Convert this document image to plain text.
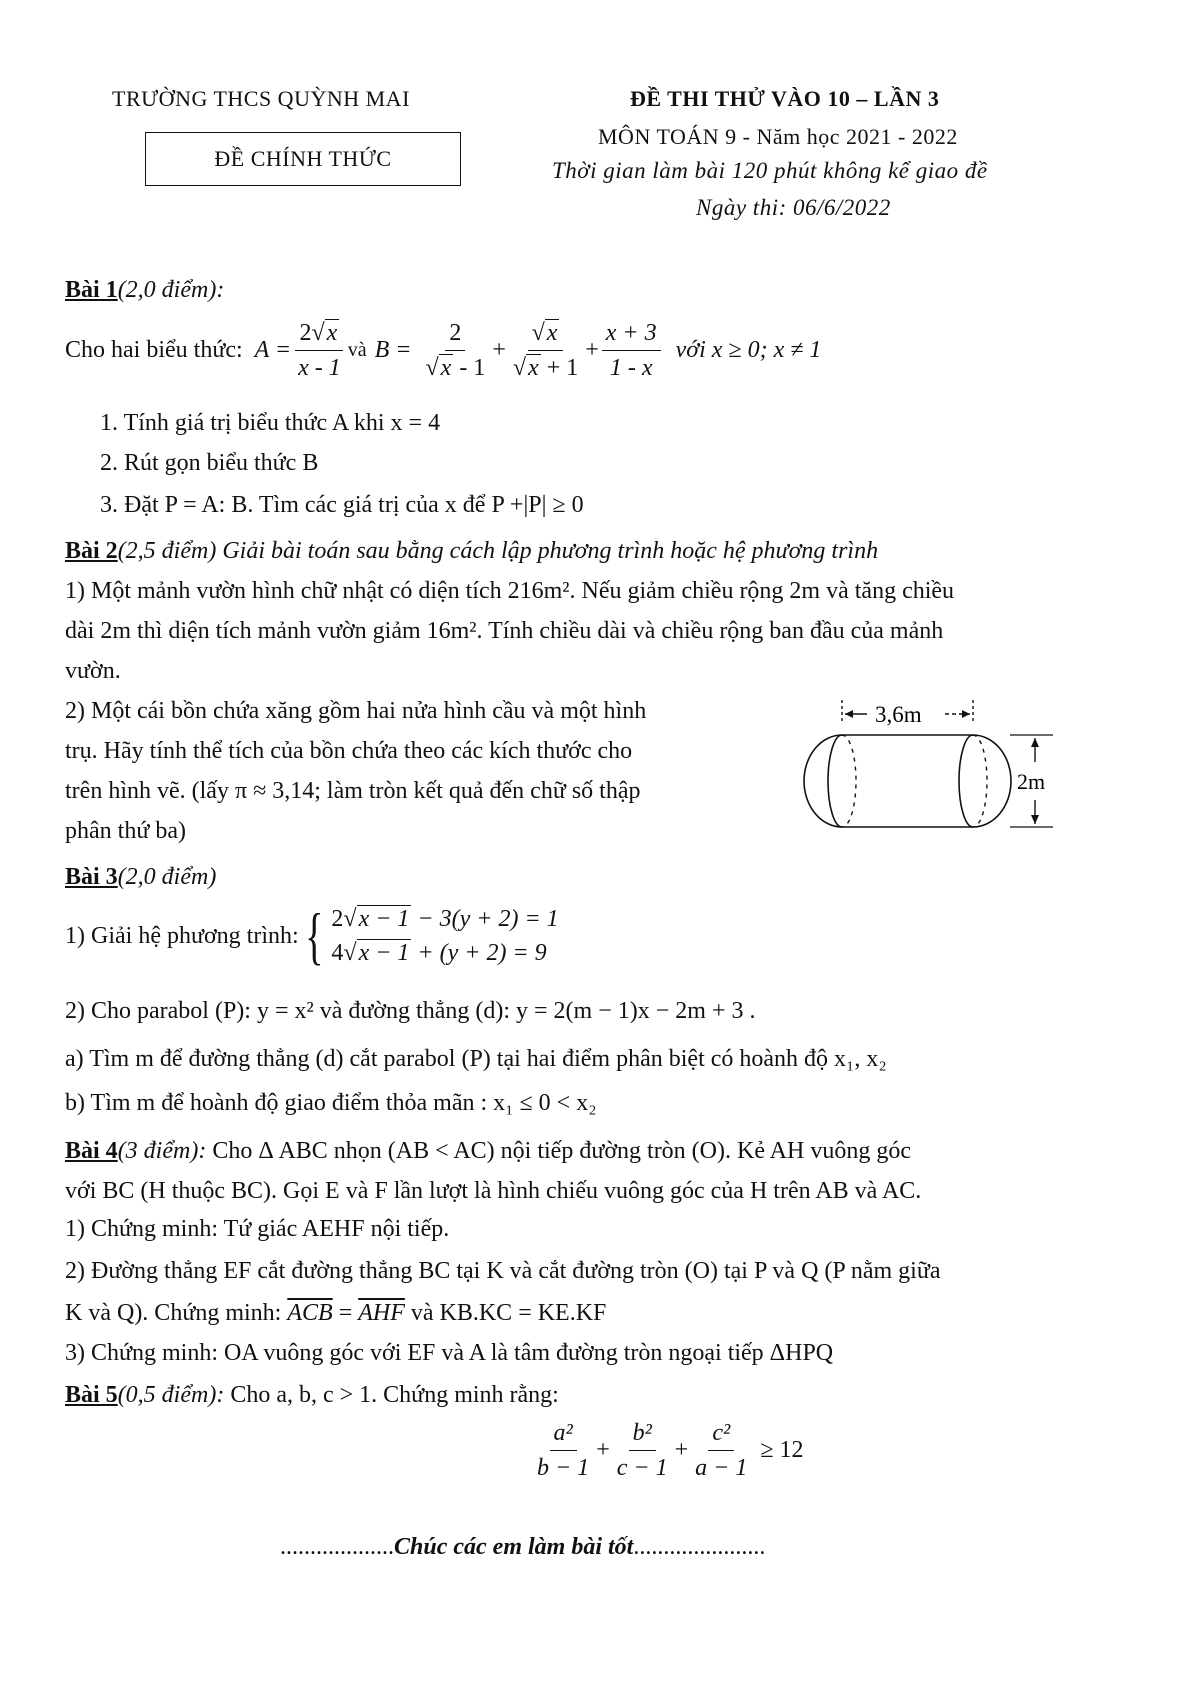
TRƯỜNG THCS QUỲNH MAI
ĐỀ CHÍNH THỨC
ĐỀ THI THỬ VÀO 10 – LẦN 3
MÔN TOÁN 9 - Năm học 2021 - 2022
Thời gian làm bài 120 phút không kể giao đề
Ngày thi: 06/6/2022
Bài 1(2,0 điểm):
Cho hai biểu thức: $A = \frac{2√x}{x - 1}$ và $B = \frac{2}{√x - 1} + \frac{√x}{√x + 1} + \frac{x + 3}{1 - x}$ với x ≥ 0; x ≠ 1
1. Tính giá trị biểu thức A khi x = 4
2. Rút gọn biểu thức B
3. Đặt P = A: B. Tìm các giá trị của x để P +|P| ≥ 0
Bài 2(2,5 điểm) Giải bài toán sau bằng cách lập phương trình hoặc hệ phương trình
1) Một mảnh vườn hình chữ nhật có diện tích 216m². Nếu giảm chiều rộng 2m và tăng chiều
dài 2m thì diện tích mảnh vườn giảm 16m². Tính chiều dài và chiều rộng ban đầu của mảnh
vườn.
2) Một cái bồn chứa xăng gồm hai nửa hình cầu và một hình
trụ. Hãy tính thể tích của bồn chứa theo các kích thước cho
trên hình vẽ. (lấy π ≈ 3,14; làm tròn kết quả đến chữ số thập
phân thứ ba)
3,6m
2m
Bài 3(2,0 điểm)
1) Giải hệ phương trình: { 2√x − 1 − 3(y + 2) = 1
4√x − 1 + (y + 2) = 9
2) Cho parabol (P): y = x² và đường thẳng (d): y = 2(m − 1)x − 2m + 3 .
a) Tìm m để đường thẳng (d) cắt parabol (P) tại hai điểm phân biệt có hoành độ x₁, x₂
b) Tìm m để hoành độ giao điểm thỏa mãn : x₁ ≤ 0 < x₂
Bài 4(3 điểm): Cho Δ ABC nhọn (AB < AC) nội tiếp đường tròn (O). Kẻ AH vuông góc
với BC (H thuộc BC). Gọi E và F lần lượt là hình chiếu vuông góc của H trên AB và AC.
1) Chứng minh: Tứ giác AEHF nội tiếp.
2) Đường thẳng EF cắt đường thẳng BC tại K và cắt đường tròn (O) tại P và Q (P nằm giữa
K và Q). Chứng minh: $\overline{ACB} = \overline{AHF}$ và KB.KC = KE.KF
3) Chứng minh: OA vuông góc với EF và A là tâm đường tròn ngoại tiếp ΔHPQ
Bài 5(0,5 điểm): Cho a, b, c > 1. Chứng minh rằng:
$\frac{\text{a²}}{b - 1} + \frac{\text{b²}}{c - 1} + \frac{\text{c²}}{a - 1} \ge 12$
...................Chúc các em làm bài tốt......................
